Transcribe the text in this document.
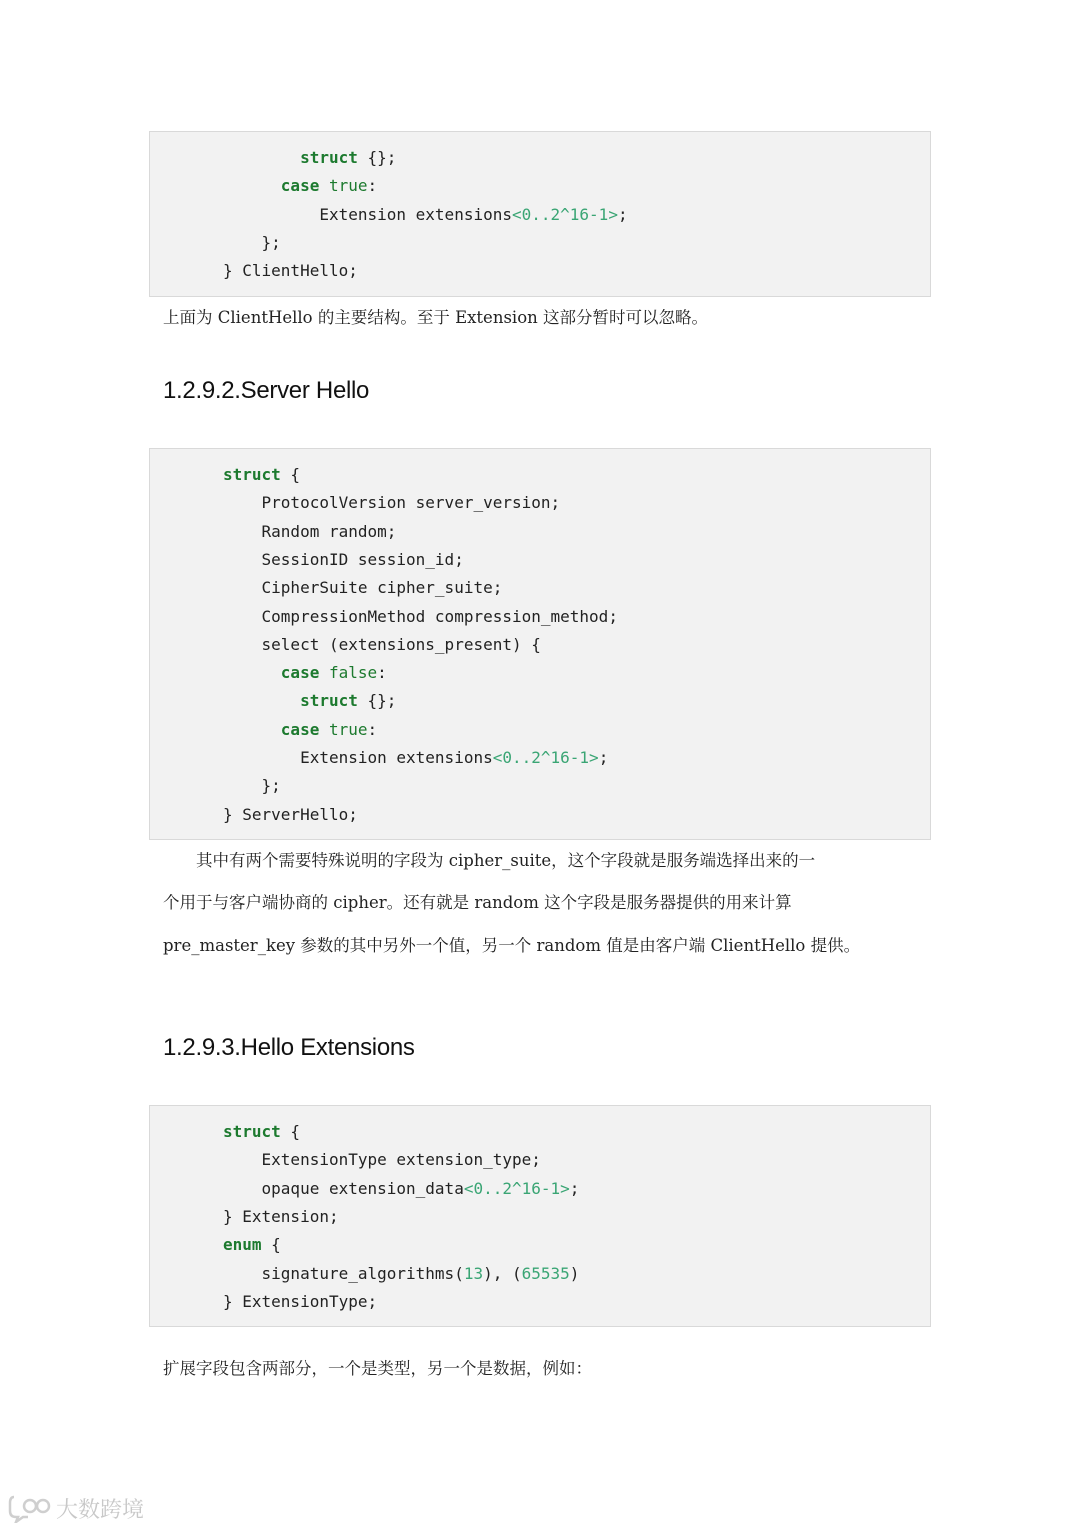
struct {};
case true:
Extension extensions<0..2^16-1>;
};
} ClientHello;

上面为 ClientHello 的主要结构。至于 Extension 这部分暂时可以忽略。

1.2.9.2.Server Hello
struct {
ProtocolVersion server_version;
Random random;
SessionID session_id;
CipherSuite cipher_suite;
CompressionMethod compression_method;
select (extensions_present) {
case false:
struct {};
case true:
Extension extensions<0..2^16-1>;
};
} ServerHello;

　　其中有两个需要特殊说明的字段为 cipher_suite，这个字段就是服务端选择出来的一

个用于与客户端协商的 cipher。还有就是 random 这个字段是服务器提供的用来计算

pre_master_key 参数的其中另外一个值，另一个 random 值是由客户端 ClientHello 提供。

1.2.9.3.Hello Extensions
struct {
ExtensionType extension_type;
opaque extension_data<0..2^16-1>;
} Extension;
enum {
signature_algorithms(13), (65535)
} ExtensionType;

扩展字段包含两部分，一个是类型，另一个是数据，例如：

大数跨境
